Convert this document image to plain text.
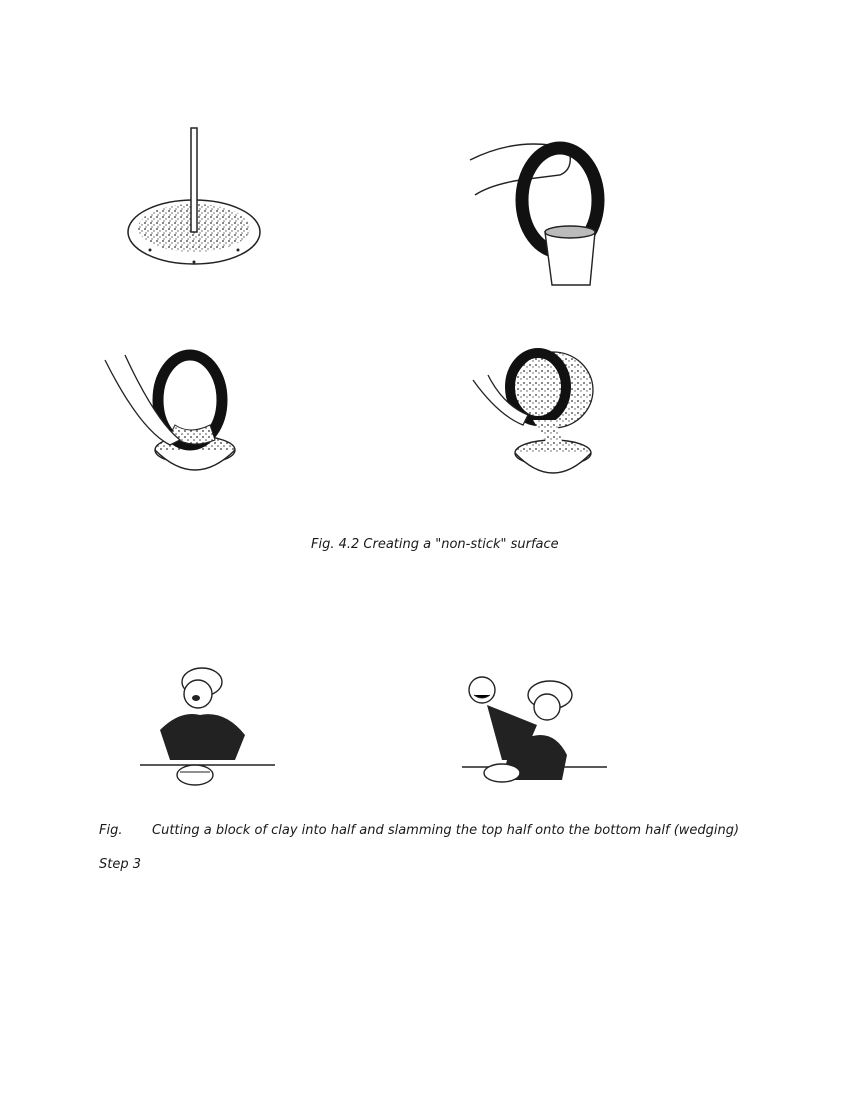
Fig. 4.2 Creating a "non-stick" surface
Fig. Cutting a block of clay into half and slamming the top half onto the bottom half (wedging)
Step 3
